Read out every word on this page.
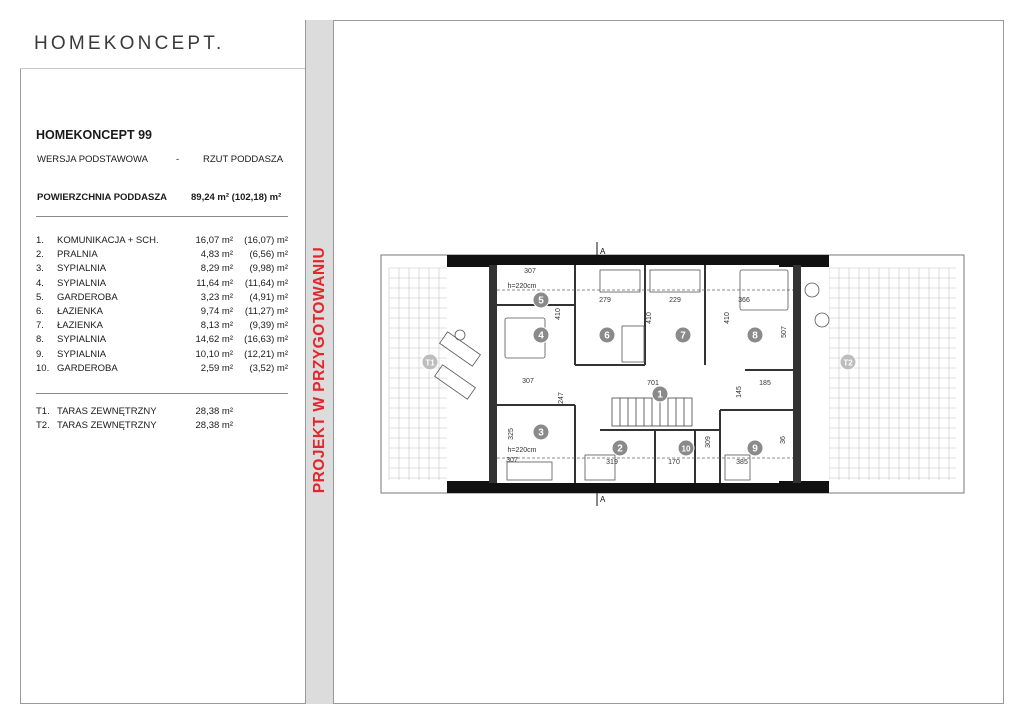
HOMEKONCEPT.
PROJEKT W PRZYGOTOWANIU
HOMEKONCEPT 99
WERSJA PODSTAWOWA	-	RZUT PODDASZA
POWIERZCHNIA PODDASZA	89,24 m² (102,18) m²
1. KOMUNIKACJA + SCH.	16,07 m² (16,07) m²
2. PRALNIA	4,83 m² (6,56) m²
3. SYPIALNIA	8,29 m² (9,98) m²
4. SYPIALNIA	11,64 m² (11,64) m²
5. GARDEROBA	3,23 m² (4,91) m²
6. ŁAZIENKA	9,74 m² (11,27) m²
7. ŁAZIENKA	8,13 m² (9,39) m²
8. SYPIALNIA	14,62 m² (16,63) m²
9. SYPIALNIA	10,10 m² (12,21) m²
10. GARDEROBA	2,59 m² (3,52) m²
T1. TARAS ZEWNĘTRZNY	28,38 m²
T2. TARAS ZEWNĘTRZNY	28,38 m²
1
2
3
4
5
6	7	8
9
10
T1	T2
307
279	229	366
410	410	410
507
701	185
145
247
325
319	170
309
385
36
h=220cm
h=220cm
307
307
A
A
